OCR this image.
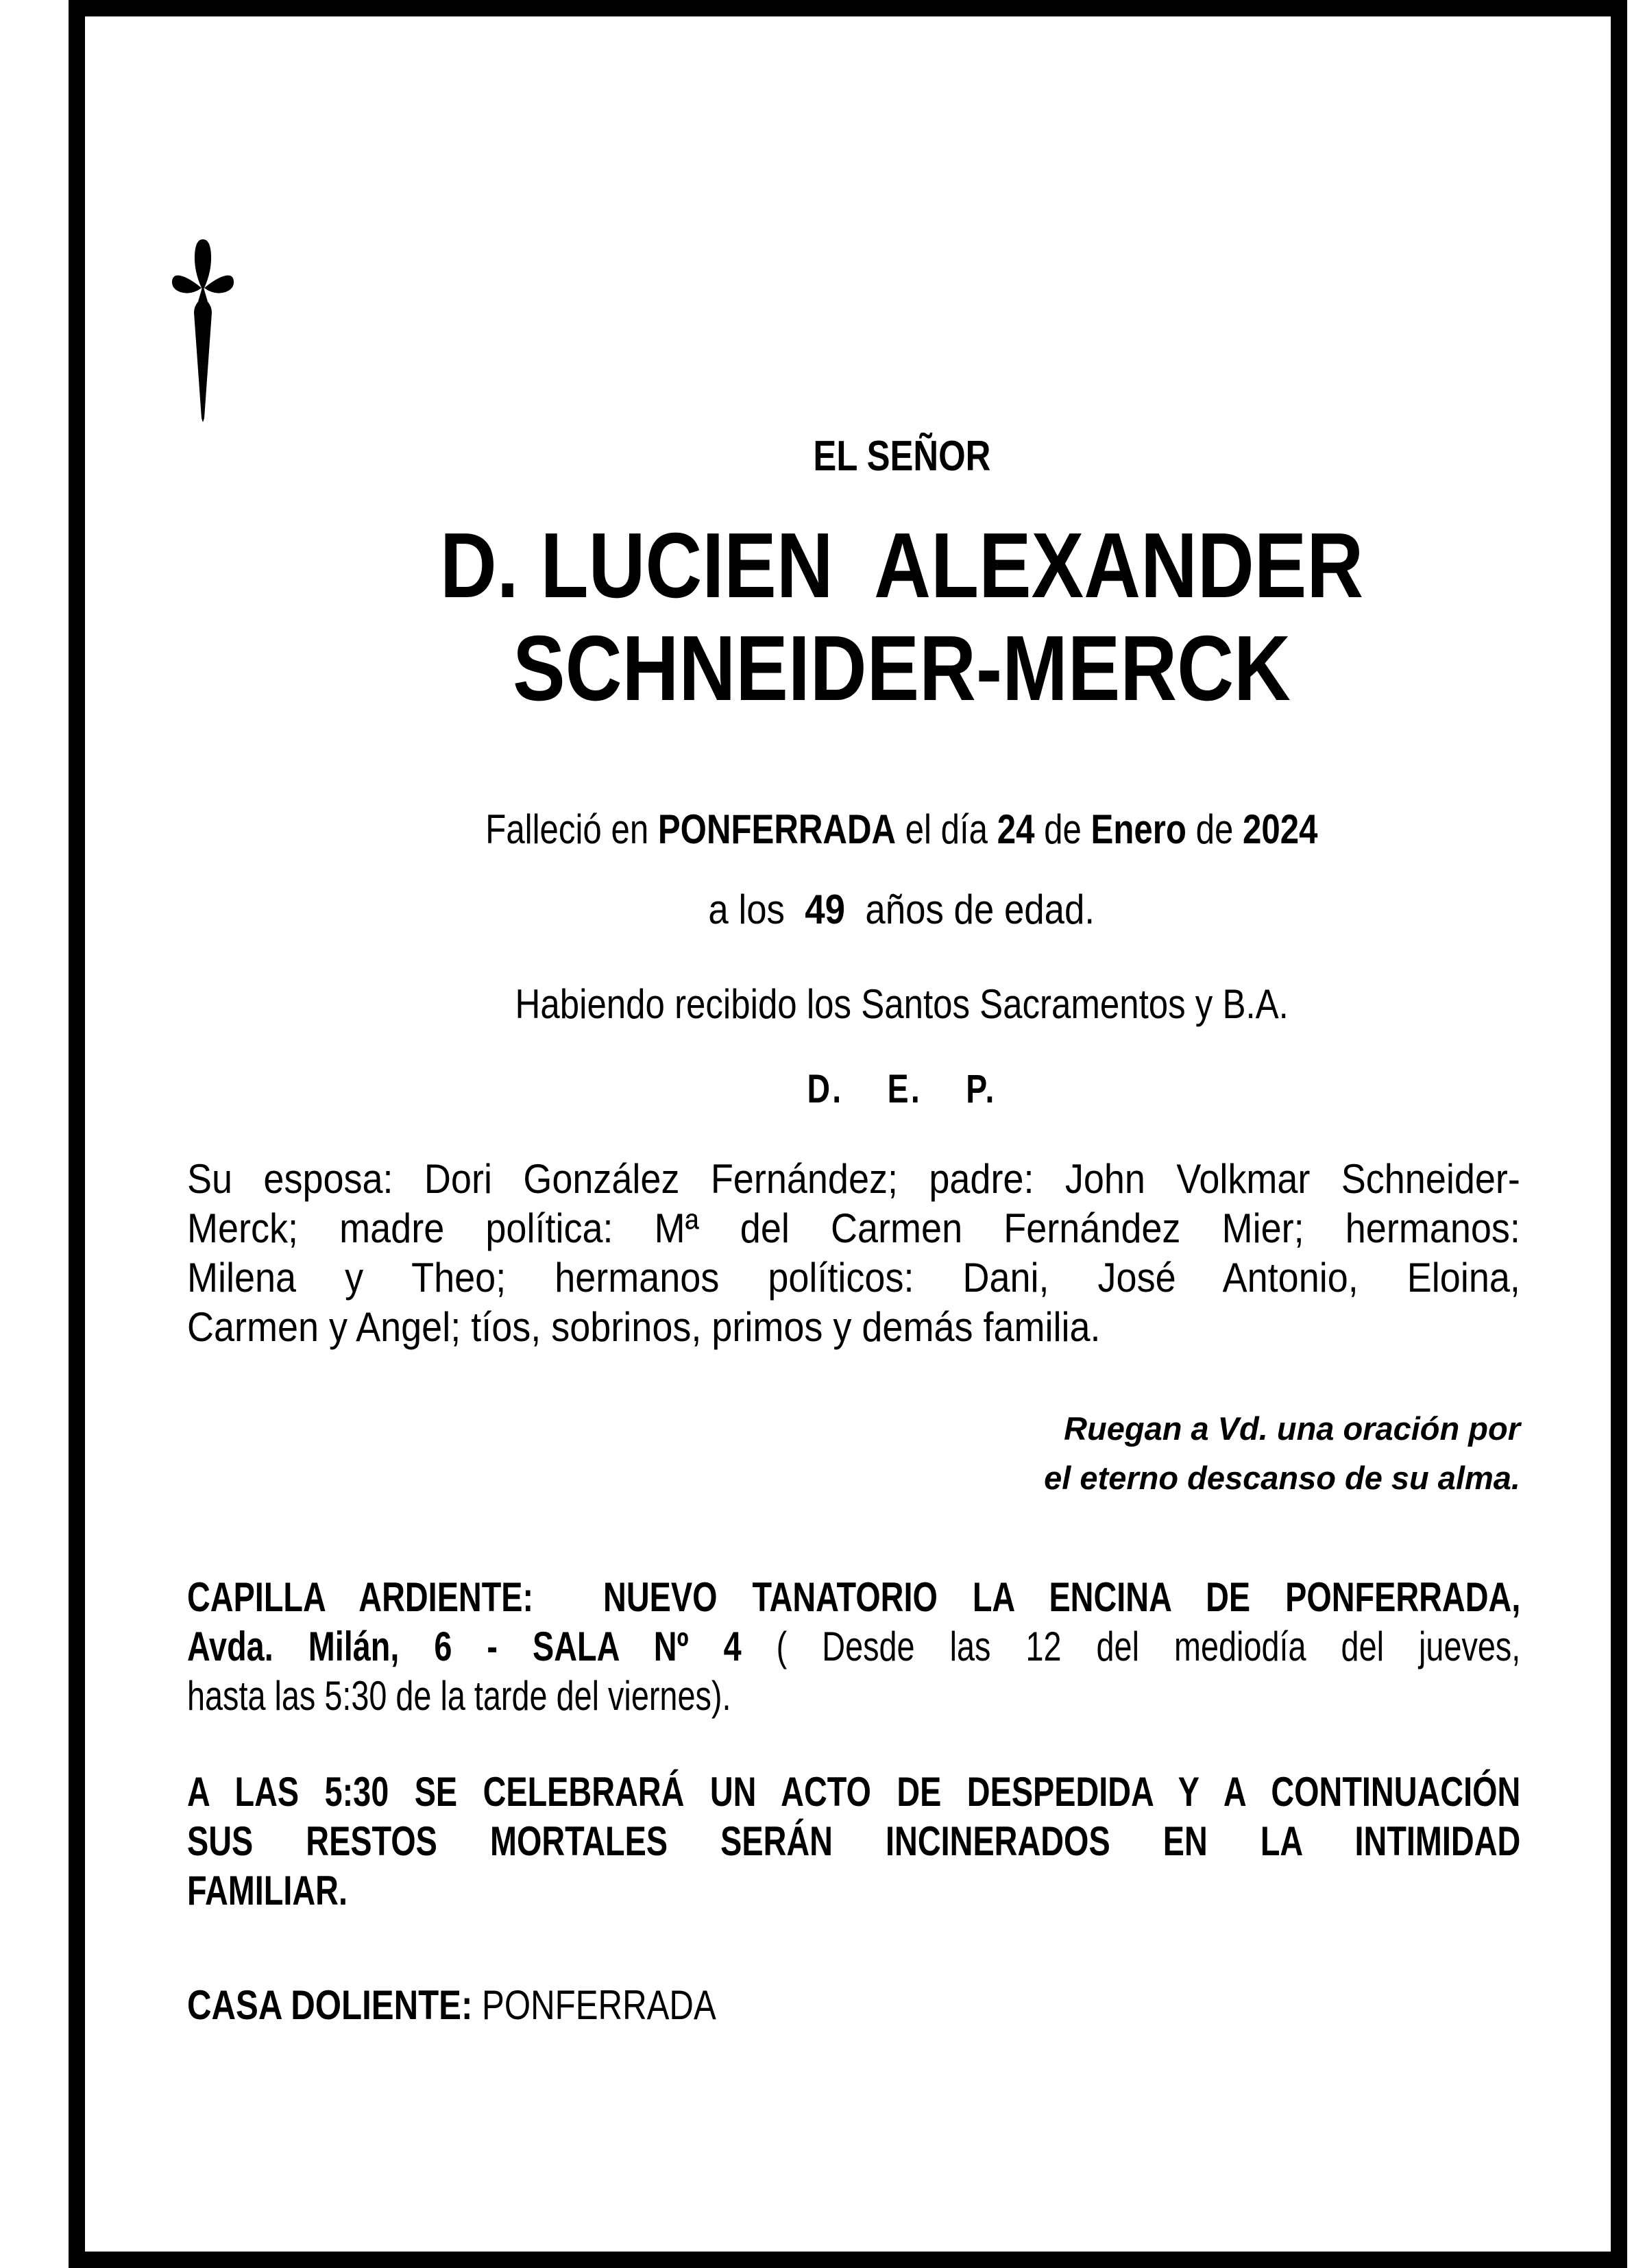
EL SEÑOR
D. LUCIEN  ALEXANDER
SCHNEIDER-MERCK
Falleció en PONFERRADA el día 24 de Enero de 2024
a los  49  años de edad.
Habiendo recibido los Santos Sacramentos y B.A.
D.    E.    P.
Su esposa: Dori González Fernández; padre: John Volkmar Schneider-
Merck; madre política: Mª del Carmen Fernández Mier; hermanos:
Milena y Theo; hermanos políticos: Dani, José Antonio, Eloina,
Carmen y Angel; tíos, sobrinos, primos y demás familia.
Ruegan a Vd. una oración por
el eterno descanso de su alma.
CAPILLA ARDIENTE:  NUEVO TANATORIO LA ENCINA DE PONFERRADA,
Avda. Milán, 6 - SALA Nº 4 ( Desde las 12 del mediodía del jueves,
hasta las 5:30 de la tarde del viernes).
A LAS 5:30 SE CELEBRARÁ UN ACTO DE DESPEDIDA Y A CONTINUACIÓN
SUS RESTOS MORTALES SERÁN INCINERADOS EN LA INTIMIDAD
FAMILIAR.
CASA DOLIENTE: PONFERRADA
